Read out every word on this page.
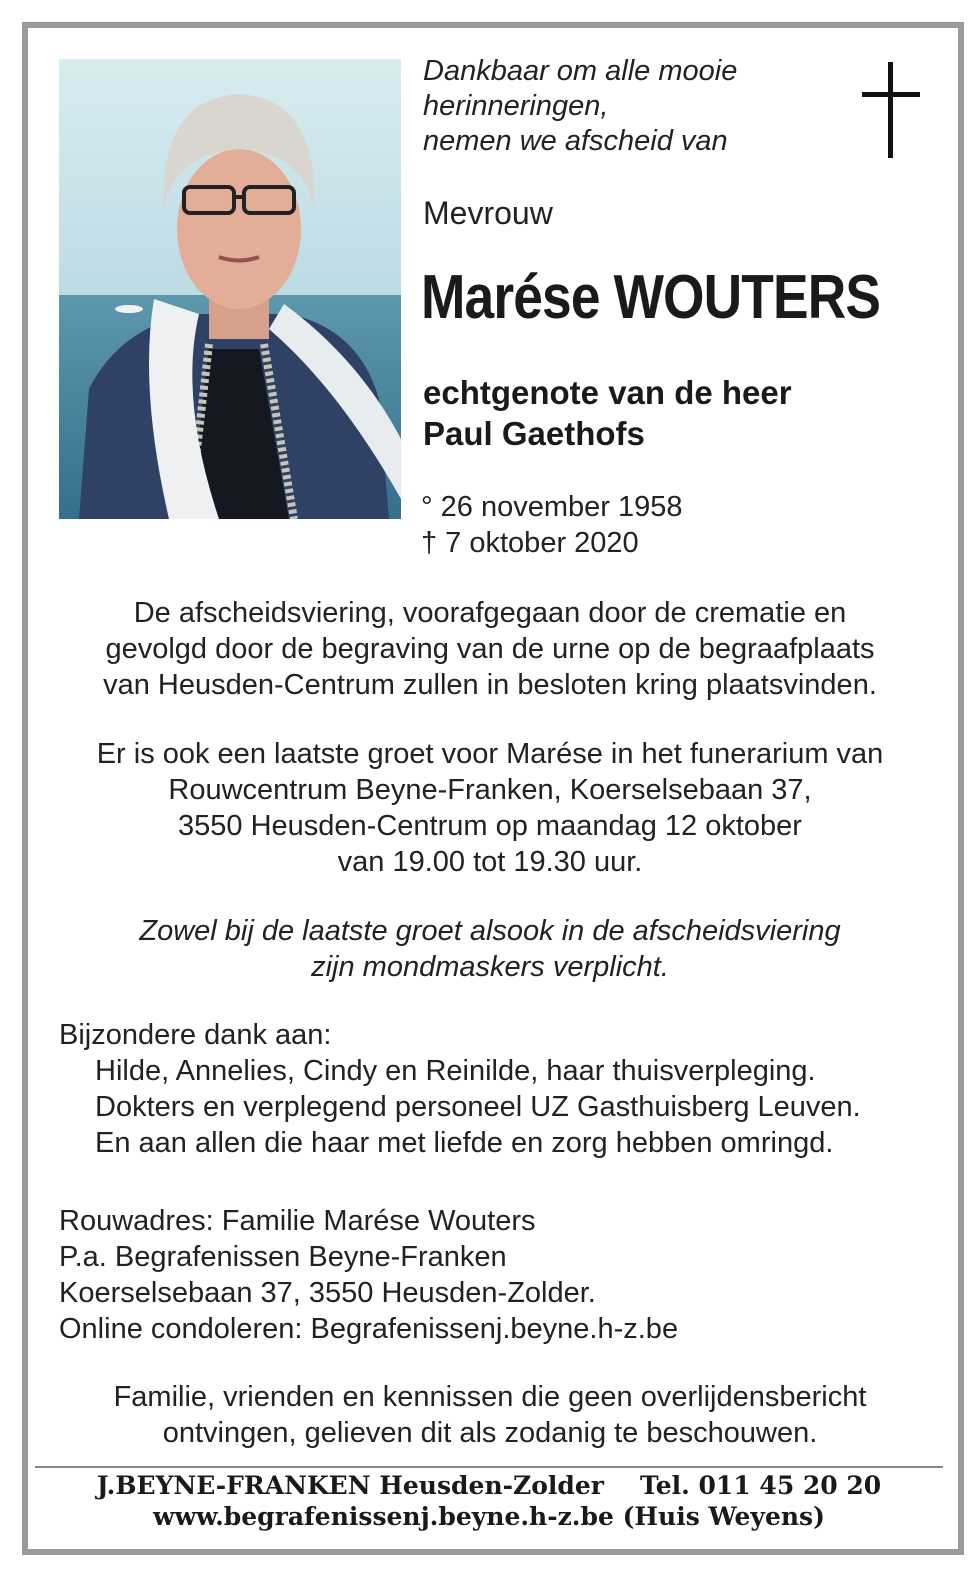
Dankbaar om alle mooie
herinneringen,
nemen we afscheid van
Mevrouw
Marése WOUTERS
echtgenote van de heer
Paul Gaethofs
° 26 november 1958
† 7 oktober 2020
De afscheidsviering, voorafgegaan door de crematie en
gevolgd door de begraving van de urne op de begraafplaats
van Heusden-Centrum zullen in besloten kring plaatsvinden.
Er is ook een laatste groet voor Marése in het funerarium van
Rouwcentrum Beyne-Franken, Koerselsebaan 37,
3550 Heusden-Centrum op maandag 12 oktober
van 19.00 tot 19.30 uur.
Zowel bij de laatste groet alsook in de afscheidsviering
zijn mondmaskers verplicht.
Bijzondere dank aan:
Hilde, Annelies, Cindy en Reinilde, haar thuisverpleging.
Dokters en verplegend personeel UZ Gasthuisberg Leuven.
En aan allen die haar met liefde en zorg hebben omringd.
Rouwadres: Familie Marése Wouters
P.a. Begrafenissen Beyne-Franken
Koerselsebaan 37, 3550 Heusden-Zolder.
Online condoleren: Begrafenissenj.beyne.h-z.be
Familie, vrienden en kennissen die geen overlijdensbericht
ontvingen, gelieven dit als zodanig te beschouwen.
J.BEYNE-FRANKEN Heusden-Zolder Tel. 011 45 20 20
www.begrafenissenj.beyne.h-z.be (Huis Weyens)
